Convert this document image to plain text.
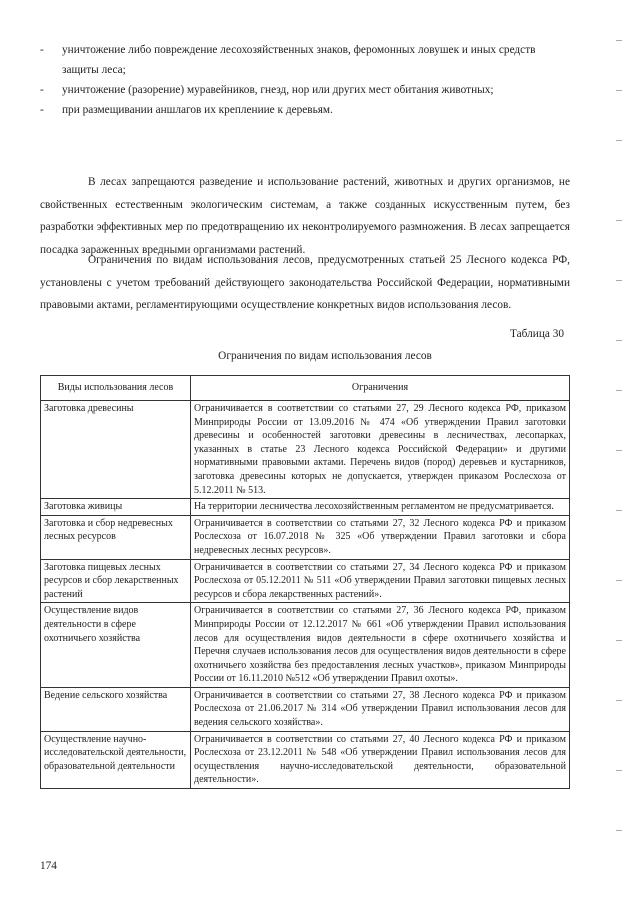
-	уничтожение либо повреждение лесохозяйственных знаков, феромонных ловушек и иных средств защиты леса;
-	уничтожение (разорение) муравейников, гнезд, нор или других мест обитания животных;
-	при размещивании аншлагов их креплениие к деревьям.

В лесах запрещаются разведение и использование растений, животных и других организмов, не свойственных естественным экологическим системам, а также созданных искусственным путем, без разработки эффективных мер по предотвращению их неконтролируемого размножения. В лесах запрещается посадка зараженных вредными организмами растений.

Ограничения по видам использования лесов, предусмотренных статьей 25 Лесного кодекса РФ, установлены с учетом требований действующего законодательства Российской Федерации, нормативными правовыми актами, регламентирующими осуществление конкретных видов использования лесов.

Таблица 30
Ограничения по видам использования лесов
Виды использования лесов	Ограничения
Заготовка древесины	Ограничивается в соответствии со статьями 27, 29 Лесного кодекса РФ, приказом Минприроды России от 13.09.2016 № 474 «Об утверждении Правил заготовки древесины и особенностей заготовки древесины в лесничествах, лесопарках, указанных в статье 23 Лесного кодекса Российской Федерации» и другими нормативными правовыми актами. Перечень видов (пород) деревьев и кустарников, заготовка древесины которых не допускается, утвержден приказом Рослесхоза от 5.12.2011 № 513.
Заготовка живицы	На территории лесничества лесохозяйственным регламентом не предусматривается.
Заготовка и сбор недревесных лесных ресурсов	Ограничивается в соответствии со статьями 27, 32 Лесного кодекса РФ и приказом Рослесхоза от 16.07.2018 № 325 «Об утверждении Правил заготовки и сбора недревесных лесных ресурсов».
Заготовка пищевых лесных ресурсов и сбор лекарственных растений	Ограничивается в соответствии со статьями 27, 34 Лесного кодекса РФ и приказом Рослесхоза от 05.12.2011 № 511 «Об утверждении Правил заготовки пищевых лесных ресурсов и сбора лекарственных растений».
Осуществление видов деятельности в сфере охотничьего хозяйства	Ограничивается в соответствии со статьями 27, 36 Лесного кодекса РФ, приказом Минприроды России от 12.12.2017 № 661 «Об утверждении Правил использования лесов для осуществления видов деятельности в сфере охотничьего хозяйства и Перечня случаев использования лесов для осуществления видов деятельности в сфере охотничьего хозяйства без предоставления лесных участков», приказом Минприроды России от 16.11.2010 №512 «Об утверждении Правил охоты».
Ведение сельского хозяйства	Ограничивается в соответствии со статьями 27, 38 Лесного кодекса РФ и приказом Рослесхоза от 21.06.2017 № 314 «Об утверждении Правил использования лесов для ведения сельского хозяйства».
Осуществление научно-исследовательской деятельности, образовательной деятельности	Ограничивается в соответствии со статьями 27, 40 Лесного кодекса РФ и приказом Рослесхоза от 23.12.2011 № 548 «Об утверждении Правил использования лесов для осуществления научно-исследовательской деятельности, образовательной деятельности».
174
